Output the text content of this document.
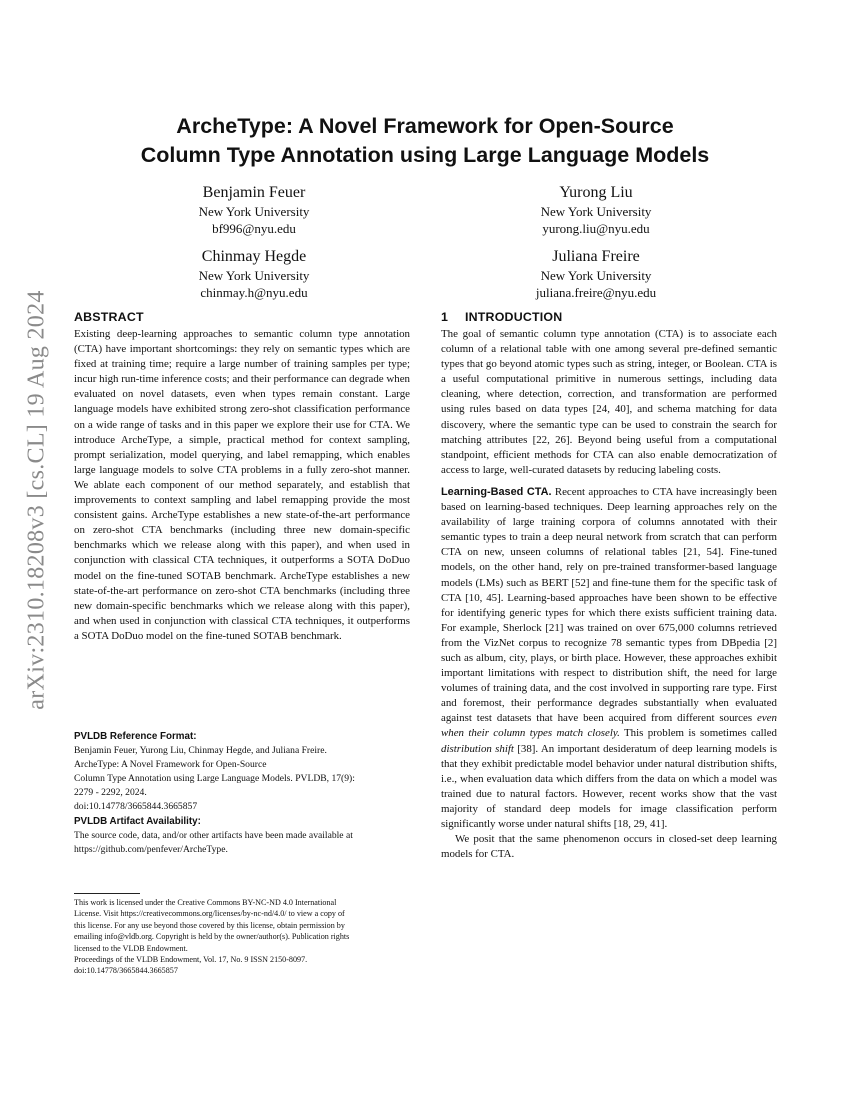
arXiv:2310.18208v3 [cs.CL] 19 Aug 2024
ArcheType: A Novel Framework for Open-Source
Column Type Annotation using Large Language Models
Benjamin Feuer
New York University
bf996@nyu.edu
Yurong Liu
New York University
yurong.liu@nyu.edu
Chinmay Hegde
New York University
chinmay.h@nyu.edu
Juliana Freire
New York University
juliana.freire@nyu.edu
ABSTRACT

Existing deep-learning approaches to semantic column type annotation (CTA) have important shortcomings: they rely on semantic types which are fixed at training time; require a large number of training samples per type; incur high run-time inference costs; and their performance can degrade when evaluated on novel datasets, even when types remain constant. Large language models have exhibited strong zero-shot classification performance on a wide range of tasks and in this paper we explore their use for CTA. We introduce ArcheType, a simple, practical method for context sampling, prompt serialization, model querying, and label remapping, which enables large language models to solve CTA problems in a fully zero-shot manner. We ablate each component of our method separately, and establish that improvements to context sampling and label remapping provide the most consistent gains. ArcheType establishes a new state-of-the-art performance on zero-shot CTA benchmarks (including three new domain-specific benchmarks which we release along with this paper), and when used in conjunction with classical CTA techniques, it outperforms a SOTA DoDuo model on the fine-tuned SOTAB benchmark. ArcheType establishes a new state-of-the-art performance on zero-shot CTA benchmarks (including three new domain-specific benchmarks which we release along with this paper), and when used in conjunction with classical CTA techniques, it outperforms a SOTA DoDuo model on the fine-tuned SOTAB benchmark.

PVLDB Reference Format:
Benjamin Feuer, Yurong Liu, Chinmay Hegde, and Juliana Freire.
ArcheType: A Novel Framework for Open-Source
Column Type Annotation using Large Language Models. PVLDB, 17(9):
2279 - 2292, 2024.
doi:10.14778/3665844.3665857
PVLDB Artifact Availability:
The source code, data, and/or other artifacts have been made available at
https://github.com/penfever/ArcheType.
This work is licensed under the Creative Commons BY-NC-ND 4.0 International
License. Visit https://creativecommons.org/licenses/by-nc-nd/4.0/ to view a copy of
this license. For any use beyond those covered by this license, obtain permission by
emailing info@vldb.org. Copyright is held by the owner/author(s). Publication rights
licensed to the VLDB Endowment.
Proceedings of the VLDB Endowment, Vol. 17, No. 9 ISSN 2150-8097.
doi:10.14778/3665844.3665857
1 INTRODUCTION

The goal of semantic column type annotation (CTA) is to associate each column of a relational table with one among several pre-defined semantic types that go beyond atomic types such as string, integer, or Boolean. CTA is a useful computational primitive in numerous settings, including data cleaning, where detection, correction, and transformation are performed using rules based on data types [24, 40], and schema matching for data discovery, where the semantic type can be used to constrain the search for matching attributes [22, 26]. Beyond being useful from a computational standpoint, efficient methods for CTA can also enable democratization of access to large, well-curated datasets by reducing labeling costs.

Learning-Based CTA. Recent approaches to CTA have increasingly been based on learning-based techniques. Deep learning approaches rely on the availability of large training corpora of columns annotated with their semantic types to train a deep neural network from scratch that can perform CTA on new, unseen columns of relational tables [21, 54]. Fine-tuned models, on the other hand, rely on pre-trained transformer-based language models (LMs) such as BERT [52] and fine-tune them for the specific task of CTA [10, 45]. Learning-based approaches have been shown to be effective for identifying generic types for which there exists sufficient training data. For example, Sherlock [21] was trained on over 675,000 columns retrieved from the VizNet corpus to recognize 78 semantic types from DBpedia [2] such as album, city, plays, or birth place. However, these approaches exhibit important limitations with respect to distribution shift, the need for large volumes of training data, and the cost involved in supporting rare type. First and foremost, their performance degrades substantially when evaluated against test datasets that have been acquired from different sources even when their column types match closely. This problem is sometimes called distribution shift [38]. An important desideratum of deep learning models is that they exhibit predictable model behavior under natural distribution shifts, i.e., when evaluation data which differs from the data on which a model was trained due to natural factors. However, recent works show that the vast majority of standard deep models for image classification perform significantly worse under natural shifts [18, 29, 41].

We posit that the same phenomenon occurs in closed-set deep learning models for CTA.
